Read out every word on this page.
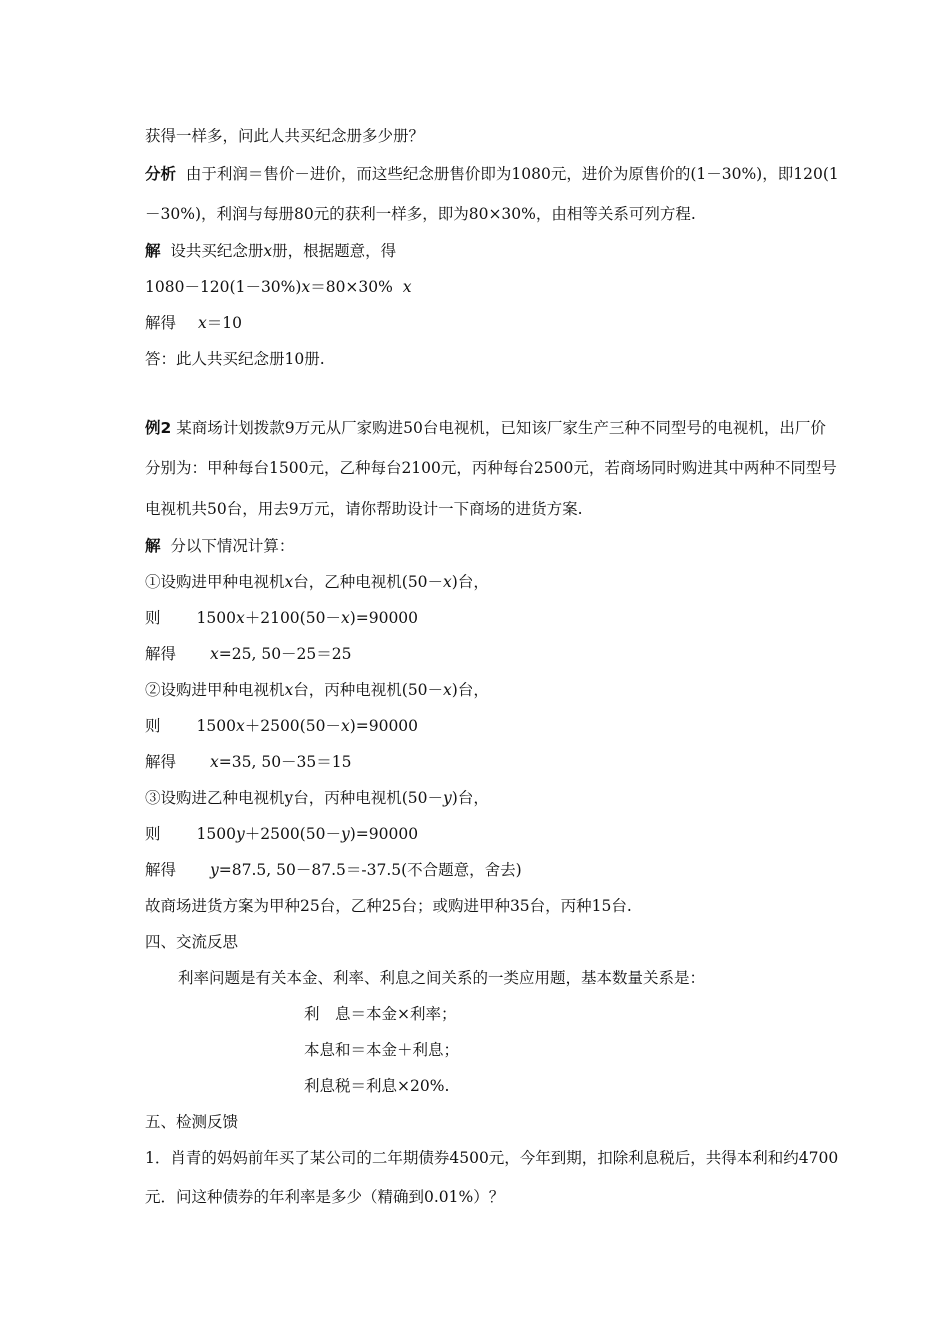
获得一样多，问此人共买纪念册多少册？
分析 由于利润＝售价－进价，而这些纪念册售价即为1080元，进价为原售价的(1－30%)，即120(1
－30%)，利润与每册80元的获利一样多，即为80×30%，由相等关系可列方程.
解 设共买纪念册x册，根据题意，得
1080－120(1－30%)x＝80×30% x
解得 x＝10
答：此人共买纪念册10册.
例2 某商场计划拨款9万元从厂家购进50台电视机，已知该厂家生产三种不同型号的电视机，出厂价
分别为：甲种每台1500元，乙种每台2100元，丙种每台2500元，若商场同时购进其中两种不同型号
电视机共50台，用去9万元，请你帮助设计一下商场的进货方案.
解 分以下情况计算：
①设购进甲种电视机x台，乙种电视机(50－x)台，
则 1500x＋2100(50－x)=90000
解得 x=25, 50－25＝25
②设购进甲种电视机x台，丙种电视机(50－x)台，
则 1500x＋2500(50－x)=90000
解得 x=35, 50－35＝15
③设购进乙种电视机y台，丙种电视机(50－y)台，
则 1500y＋2500(50－y)=90000
解得 y=87.5, 50－87.5＝-37.5(不合题意，舍去)
故商场进货方案为甲种25台，乙种25台；或购进甲种35台，丙种15台.
四、交流反思
利率问题是有关本金、利率、利息之间关系的一类应用题，基本数量关系是：
利　息＝本金×利率；
本息和＝本金＋利息；
利息税＝利息×20%.
五、检测反馈
1．肖青的妈妈前年买了某公司的二年期债券4500元，今年到期，扣除利息税后，共得本利和约4700
元．问这种债券的年利率是多少（精确到0.01%）？
